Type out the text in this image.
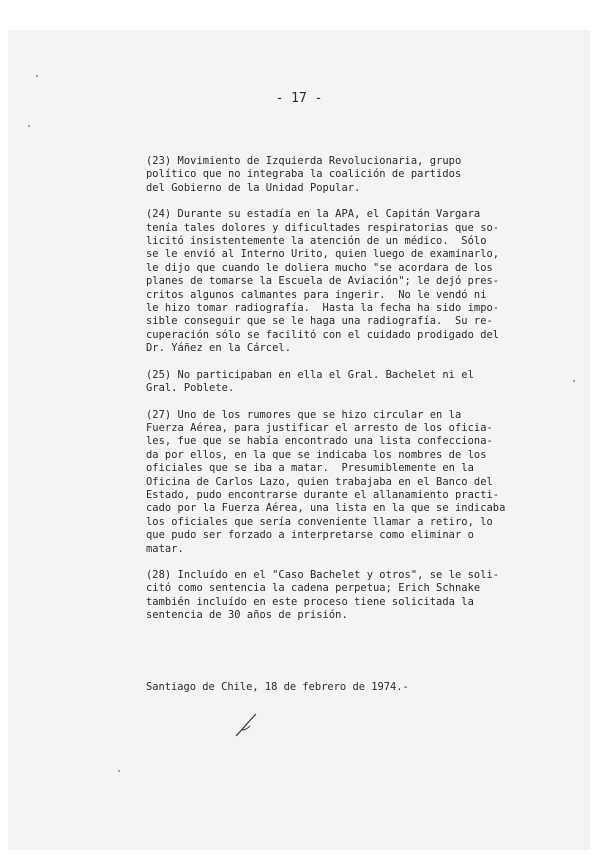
- 17 -
(23) Movimiento de Izquierda Revolucionaria, grupo
político que no integraba la coalición de partidos
del Gobierno de la Unidad Popular.
(24) Durante su estadía en la APA, el Capitán Vargara
tenía tales dolores y dificultades respiratorias que so-
licitó insistentemente la atención de un médico.  Sólo
se le envió al Interno Urito, quien luego de examinarlo,
le dijo que cuando le doliera mucho "se acordara de los
planes de tomarse la Escuela de Aviación"; le dejó pres-
critos algunos calmantes para ingerir.  No le vendó ni
le hizo tomar radiografía.  Hasta la fecha ha sido impo-
sible conseguir que se le haga una radiografía.  Su re-
cuperación sólo se facilitó con el cuidado prodigado del
Dr. Yáñez en la Cárcel.
(25) No participaban en ella el Gral. Bachelet ni el
Gral. Poblete.
(27) Uno de los rumores que se hizo circular en la
Fuerza Aérea, para justificar el arresto de los oficia-
les, fue que se había encontrado una lista confecciona-
da por ellos, en la que se indicaba los nombres de los
oficiales que se iba a matar.  Presumiblemente en la
Oficina de Carlos Lazo, quien trabajaba en el Banco del
Estado, pudo encontrarse durante el allanamiento practi-
cado por la Fuerza Aérea, una lista en la que se indicaba
los oficiales que sería conveniente llamar a retiro, lo
que pudo ser forzado a interpretarse como eliminar o
matar.
(28) Incluído en el "Caso Bachelet y otros", se le soli-
citó como sentencia la cadena perpetua; Erich Schnake
también incluído en este proceso tiene solicitada la
sentencia de 30 años de prisión.
Santiago de Chile, 18 de febrero de 1974.-
